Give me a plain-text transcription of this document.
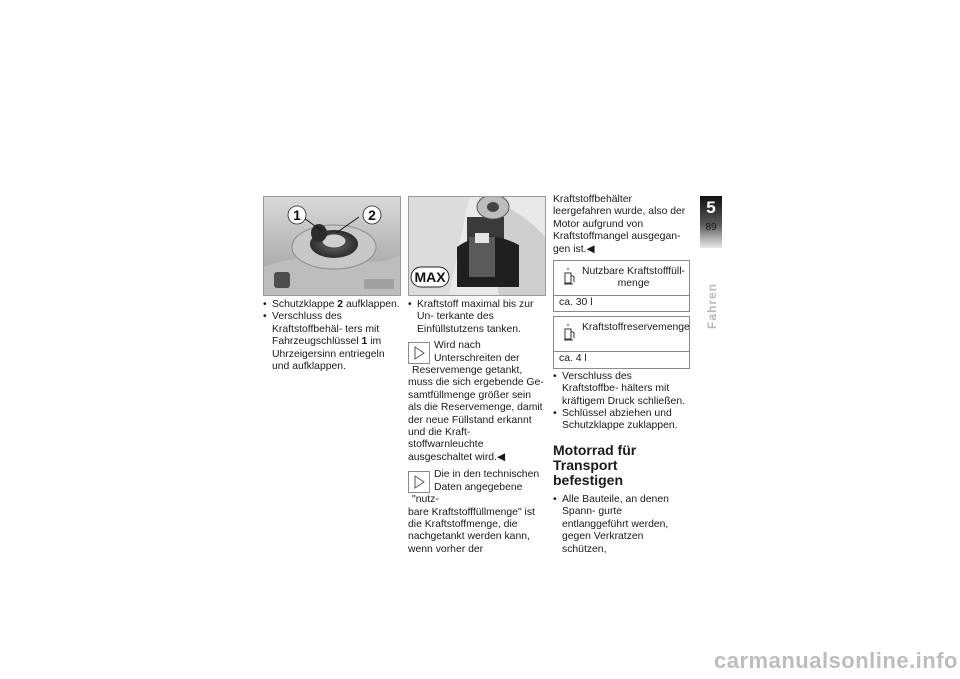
1	2
• Schutzklappe 2 aufklappen.
• Verschluss des Kraftstoffbehäl- ters mit Fahrzeugschlüssel 1 im Uhrzeigersinn entriegeln und aufklappen.
MAX
• Kraftstoff maximal bis zur Un- terkante des Einfüllstutzens tanken.
Wird nach Unterschreiten der Reservemenge getankt,

muss die sich ergebende Ge- samtfüllmenge größer sein als die Reservemenge, damit der neue Füllstand erkannt und die Kraft- stoffwarnleuchte ausgeschaltet wird.◀

Die in den technischen Daten angegebene "nutz-

bare Kraftstofffüllmenge" ist die Kraftstoffmenge, die nachgetankt werden kann, wenn vorher der

Kraftstoffbehälter leergefahren wurde, also der Motor aufgrund von Kraftstoffmangel ausgegan- gen ist.◀

Nutzbare Kraftstofffüll- menge
ca. 30 l
Kraftstoffreservemenge
ca. 4 l
• Verschluss des Kraftstoffbe- hälters mit kräftigem Druck schließen.
• Schlüssel abziehen und Schutzklappe zuklappen.
Motorrad für Transport befestigen
• Alle Bauteile, an denen Spann- gurte entlanggeführt werden, gegen Verkratzen schützen,
5
89
Fahren
carmanualsonline.info
